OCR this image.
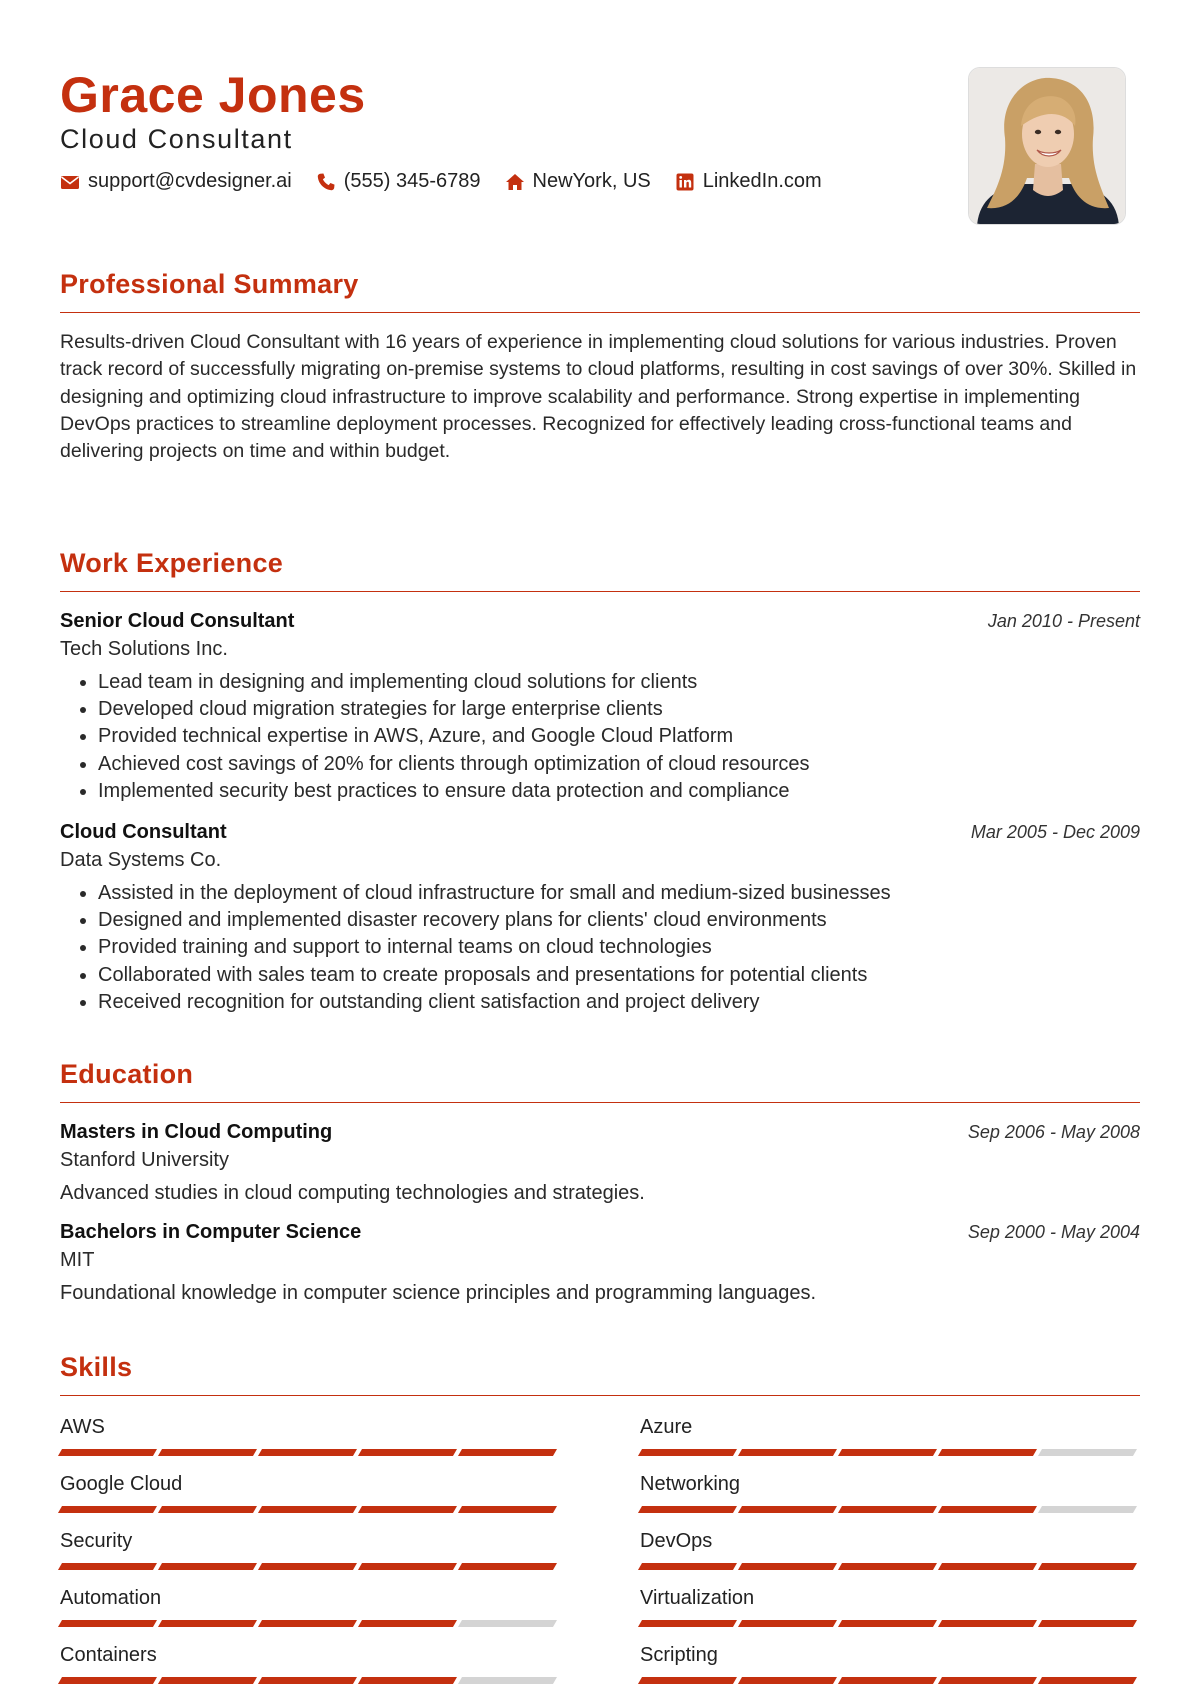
Grace Jones
Cloud Consultant
support@cvdesigner.ai	(555) 345-6789	NewYork, US	LinkedIn.com
Professional Summary

Results-driven Cloud Consultant with 16 years of experience in implementing cloud solutions for various industries. Proven track record of successfully migrating on-premise systems to cloud platforms, resulting in cost savings of over 30%. Skilled in designing and optimizing cloud infrastructure to improve scalability and performance. Strong expertise in implementing DevOps practices to streamline deployment processes. Recognized for effectively leading cross-functional teams and delivering projects on time and within budget.

Work Experience
Senior Cloud Consultant	Jan 2010 - Present
Tech Solutions Inc.
• Lead team in designing and implementing cloud solutions for clients
• Developed cloud migration strategies for large enterprise clients
• Provided technical expertise in AWS, Azure, and Google Cloud Platform
• Achieved cost savings of 20% for clients through optimization of cloud resources
• Implemented security best practices to ensure data protection and compliance
Cloud Consultant	Mar 2005 - Dec 2009
Data Systems Co.
• Assisted in the deployment of cloud infrastructure for small and medium-sized businesses
• Designed and implemented disaster recovery plans for clients' cloud environments
• Provided training and support to internal teams on cloud technologies
• Collaborated with sales team to create proposals and presentations for potential clients
• Received recognition for outstanding client satisfaction and project delivery
Education
Masters in Cloud Computing	Sep 2006 - May 2008
Stanford University
Advanced studies in cloud computing technologies and strategies.
Bachelors in Computer Science	Sep 2000 - May 2004
MIT
Foundational knowledge in computer science principles and programming languages.
Skills
AWS	Azure
Google Cloud	Networking
Security	DevOps
Automation	Virtualization
Containers	Scripting
